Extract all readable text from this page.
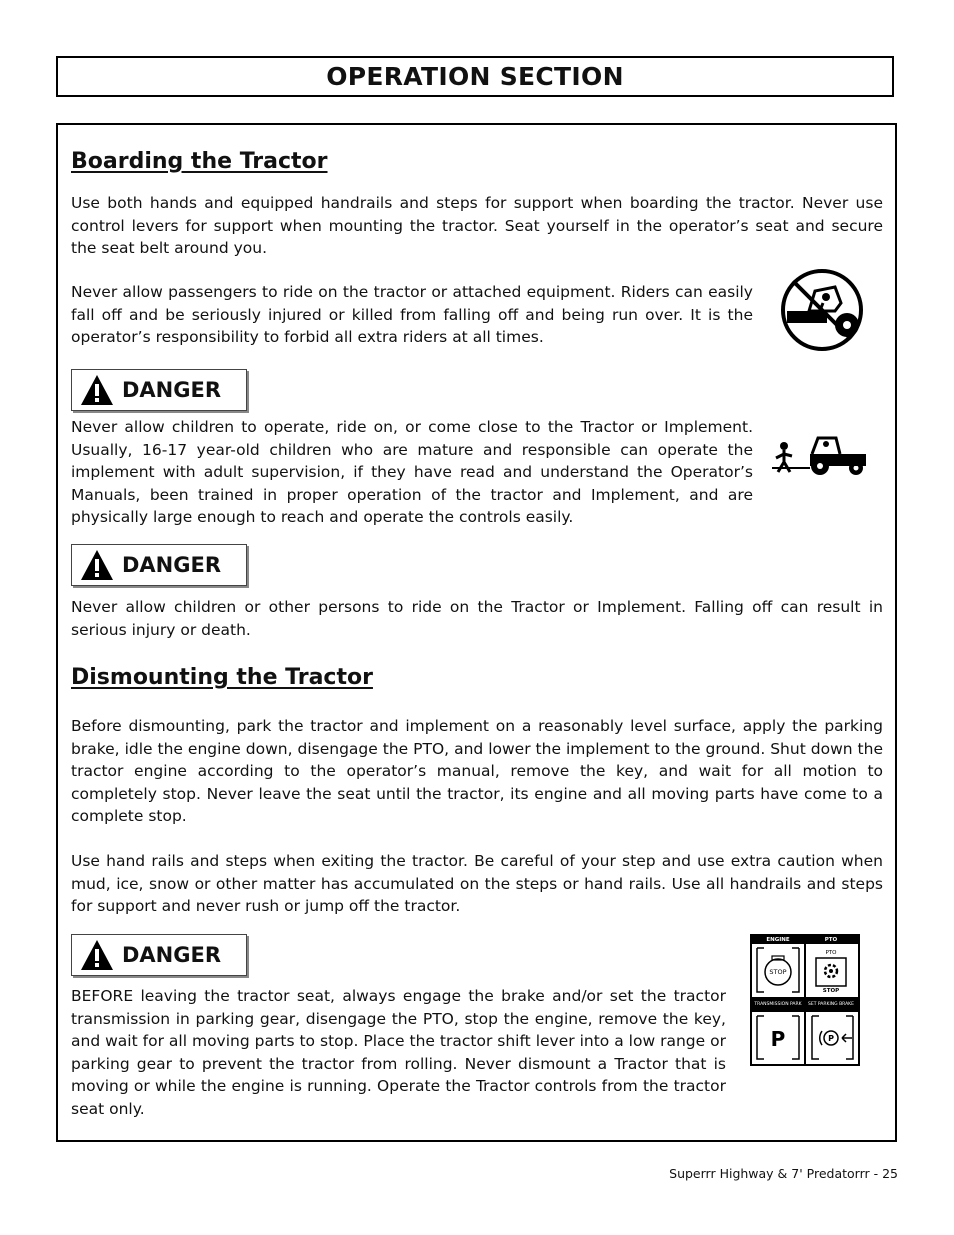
OPERATION SECTION
Boarding the Tractor

Use both hands and equipped handrails and steps for support when boarding the tractor. Never use control levers for support when mounting the tractor. Seat yourself in the operator’s seat and secure the seat belt around you.

Never allow passengers to ride on the tractor or attached equipment. Riders can easily fall off and be seriously injured or killed from falling off and being run over. It is the operator’s responsibility to forbid all extra riders at all times.

DANGER

Never allow children to operate, ride on, or come close to the Tractor or Implement. Usually, 16-17 year-old children who are mature and responsible can operate the implement with adult supervision, if they have read and understand the Operator’s Manuals, been trained in proper operation of the tractor and Implement, and are physically large enough to reach and operate the controls easily.

DANGER

Never allow children or other persons to ride on the Tractor or Implement. Falling off can result in serious injury or death.

Dismounting the Tractor

Before dismounting, park the tractor and implement on a reasonably level surface, apply the parking brake, idle the engine down, disengage the PTO, and lower the implement to the ground. Shut down the tractor engine according to the operator’s manual, remove the key, and wait for all motion to completely stop. Never leave the seat until the tractor, its engine and all moving parts have come to a complete stop.

Use hand rails and steps when exiting the tractor. Be careful of your step and use extra caution when mud, ice, snow or other matter has accumulated on the steps or hand rails. Use all handrails and steps for support and never rush or jump off the tractor.

DANGER

BEFORE leaving the tractor seat, always engage the brake and/or set the tractor transmission in parking gear, disengage the PTO, stop the engine, remove the key, and wait for all moving parts to stop. Place the tractor shift lever into a low range or parking gear to prevent the tractor from rolling. Never dismount a Tractor that is moving or while the engine is running. Operate the Tractor controls from the tractor seat only.

ENGINE	PTO
STOP
PTO
STOP
TRANSMISSION PARK SET PARKING BRAKE
P	P
Superrr Highway & 7' Predatorrr - 25
